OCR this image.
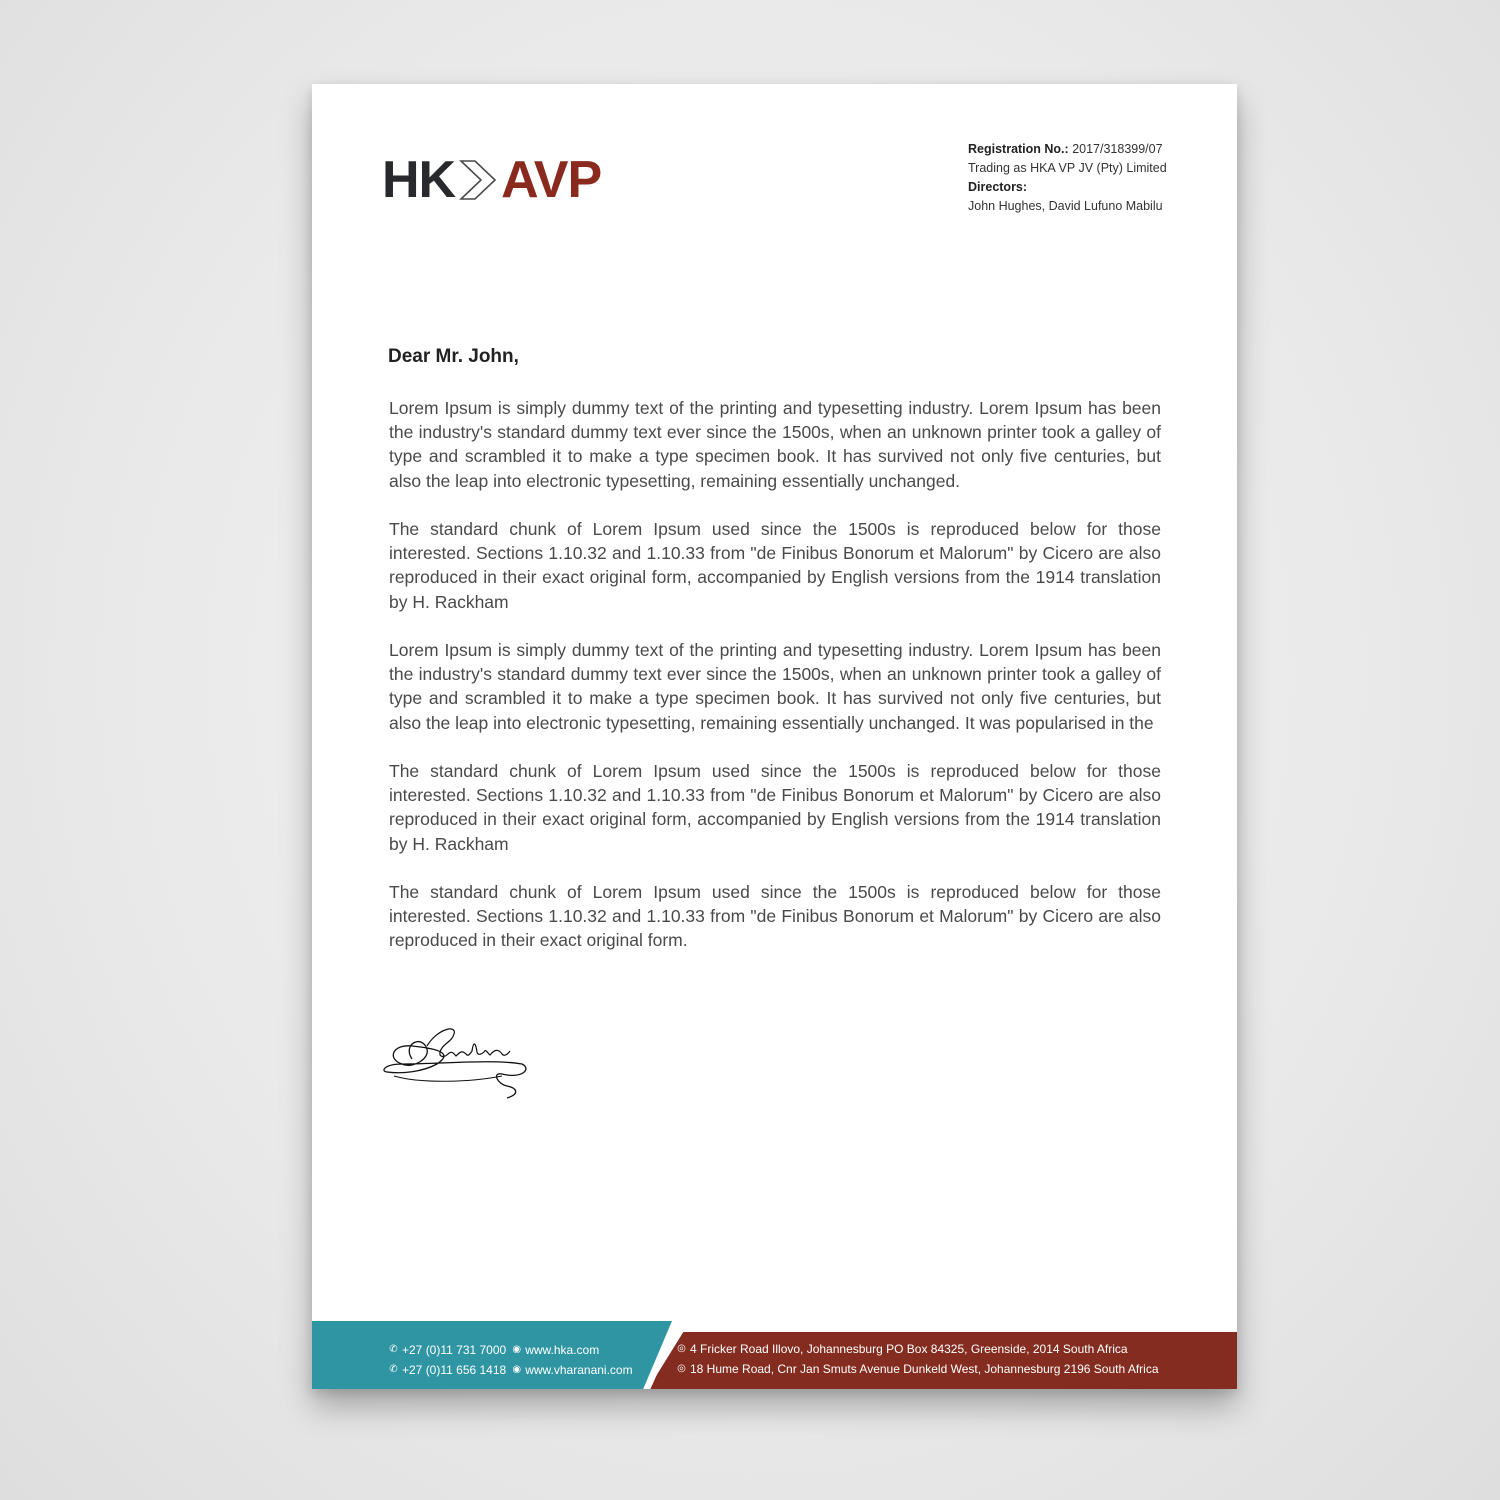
HK AVP
Registration No.: 2017/318399/07
Trading as HKA VP JV (Pty) Limited
Directors:
John Hughes, David Lufuno Mabilu
Dear Mr. John,

Lorem Ipsum is simply dummy text of the printing and typesetting industry. Lorem Ipsum has been the industry's standard dummy text ever since the 1500s, when an unknown printer took a galley of type and scrambled it to make a type specimen book. It has survived not only five centuries, but also the leap into electronic typesetting, remaining essentially unchanged.

The standard chunk of Lorem Ipsum used since the 1500s is reproduced below for those interested. Sections 1.10.32 and 1.10.33 from "de Finibus Bonorum et Malorum" by Cicero are also reproduced in their exact original form, accompanied by English versions from the 1914 translation by H. Rackham

Lorem Ipsum is simply dummy text of the printing and typesetting industry. Lorem Ipsum has been the industry's standard dummy text ever since the 1500s, when an unknown printer took a galley of type and scrambled it to make a type specimen book. It has survived not only five centuries, but also the leap into electronic typesetting, remaining essentially unchanged. It was popularised in the

The standard chunk of Lorem Ipsum used since the 1500s is reproduced below for those interested. Sections 1.10.32 and 1.10.33 from "de Finibus Bonorum et Malorum" by Cicero are also reproduced in their exact original form, accompanied by English versions from the 1914 translation by H. Rackham

The standard chunk of Lorem Ipsum used since the 1500s is reproduced below for those interested. Sections 1.10.32 and 1.10.33 from "de Finibus Bonorum et Malorum" by Cicero are also reproduced in their exact original form.

✆ +27 (0)11 731 7000 ◉ www.hka.com
✆ +27 (0)11 656 1418 ◉ www.vharanani.com
◎ 4 Fricker Road Illovo, Johannesburg PO Box 84325, Greenside, 2014 South Africa
◎ 18 Hume Road, Cnr Jan Smuts Avenue Dunkeld West, Johannesburg 2196 South Africa
